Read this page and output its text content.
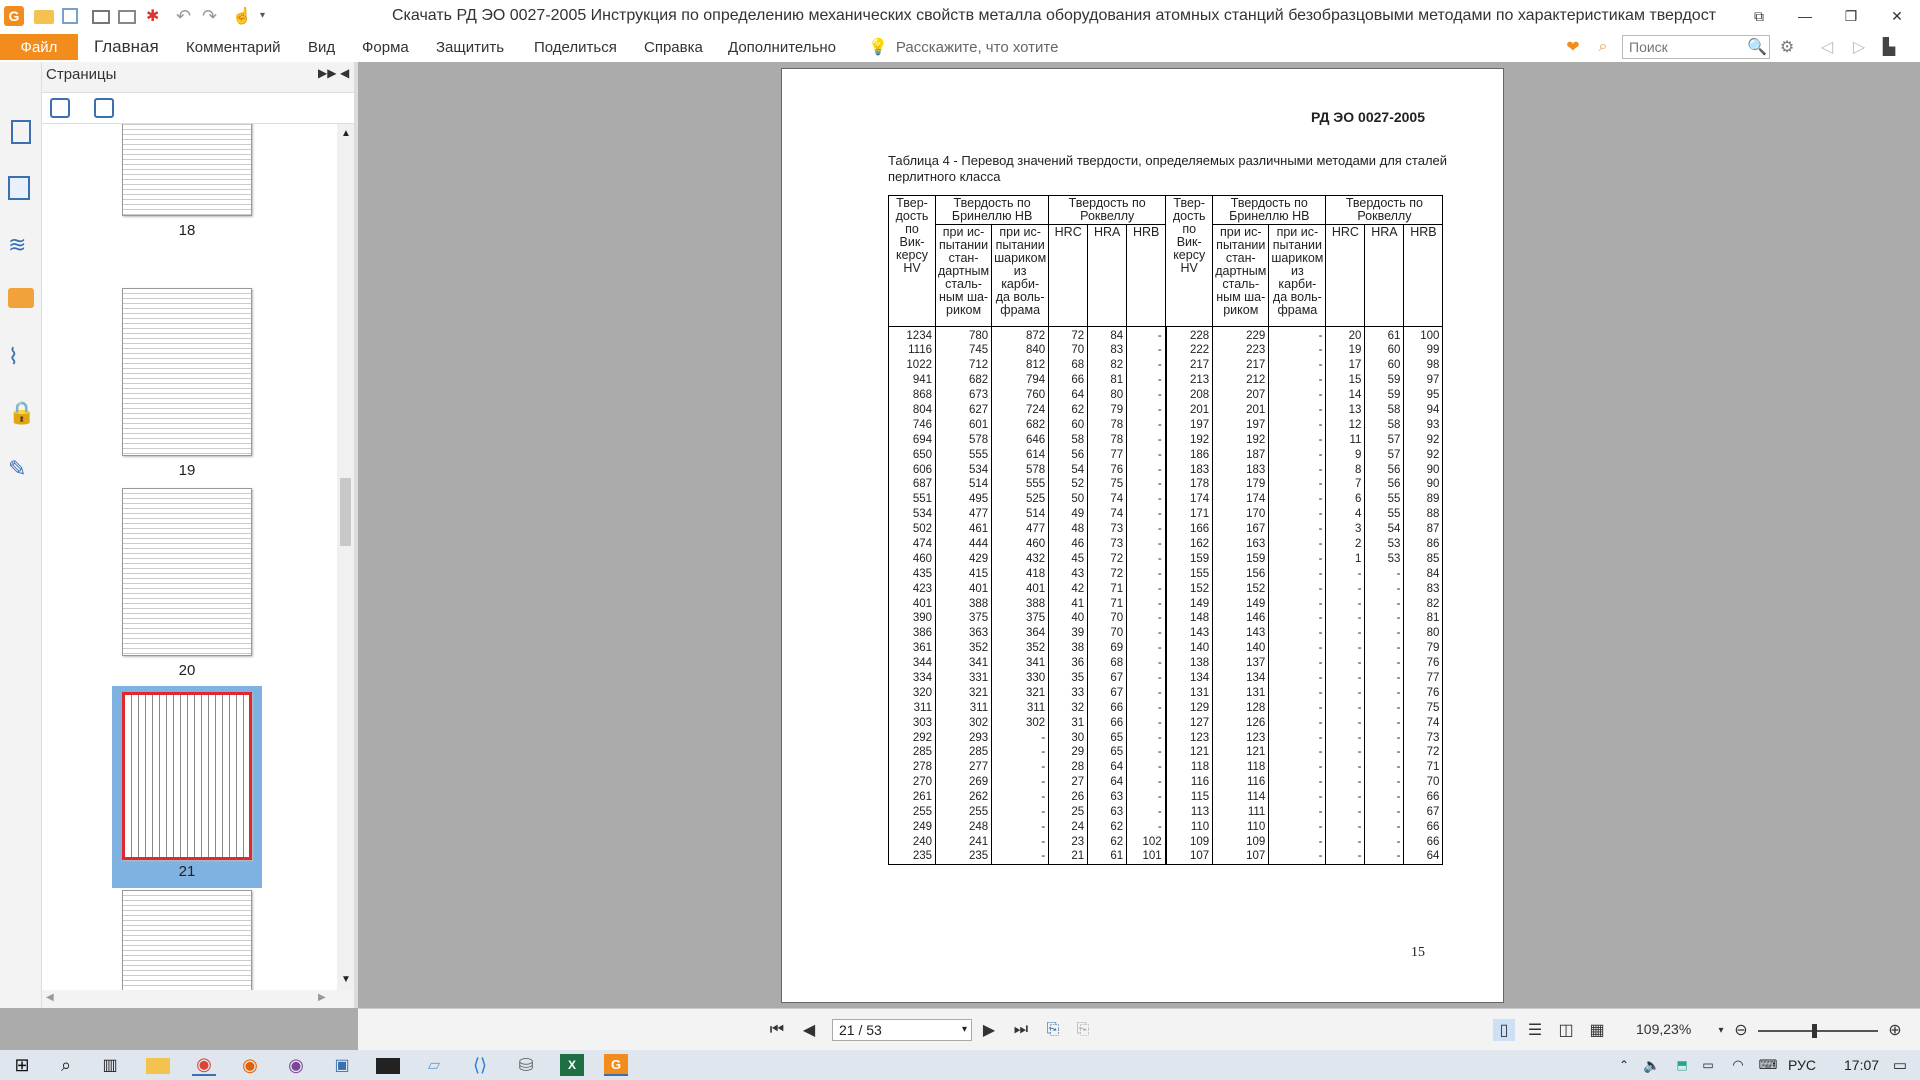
G	✱ ↶ ↷ ☝ ▾	Скачать РД ЭО 0027-2005 Инструкция по определению механических свойств металла оборудования атомных станций безобразцовыми методами по характеристикам твердост	⧉	—	❐	✕
Файл	Главная Комментарий Вид Форма Защитить Поделиться Справка Дополнительно 💡 Расскажите, что хотите	❤	⌕
Поиск	🔍 ⚙	◁	▷	▙
≋
⌇
🔒
✎
Страницы	▶▶ ◀
18
19
20
21
▲
▼
◀	▶
РД ЭО 0027-2005
Таблица 4 - Перевод значений твердости, определяемых различными методами для сталей перлитного класса
Твер-дость по Вик-керсу HV	Твердость по Бринеллю НВ		Твердость по Роквеллу			Твер-дость по Вик-керсу HV	Твердость по Бринеллю НВ		Твердость по Роквеллу		
	при ис-пытании стан-дартным сталь-ным ша-риком	при ис-пытании шариком из карби-да воль-фрама	HRC	HRA	HRB		при ис-пытании стан-дартным сталь-ным ша-риком	при ис-пытании шариком из карби-да воль-фрама	HRC	HRA	HRB
1234	780	872	72	84	-	228	229	-	20	61	100
1116	745	840	70	83	-	222	223	-	19	60	99
1022	712	812	68	82	-	217	217	-	17	60	98
941	682	794	66	81	-	213	212	-	15	59	97
868	673	760	64	80	-	208	207	-	14	59	95
804	627	724	62	79	-	201	201	-	13	58	94
746	601	682	60	78	-	197	197	-	12	58	93
694	578	646	58	78	-	192	192	-	11	57	92
650	555	614	56	77	-	186	187	-	9	57	92
606	534	578	54	76	-	183	183	-	8	56	90
687	514	555	52	75	-	178	179	-	7	56	90
551	495	525	50	74	-	174	174	-	6	55	89
534	477	514	49	74	-	171	170	-	4	55	88
502	461	477	48	73	-	166	167	-	3	54	87
474	444	460	46	73	-	162	163	-	2	53	86
460	429	432	45	72	-	159	159	-	1	53	85
435	415	418	43	72	-	155	156	-	-	-	84
423	401	401	42	71	-	152	152	-	-	-	83
401	388	388	41	71	-	149	149	-	-	-	82
390	375	375	40	70	-	148	146	-	-	-	81
386	363	364	39	70	-	143	143	-	-	-	80
361	352	352	38	69	-	140	140	-	-	-	79
344	341	341	36	68	-	138	137	-	-	-	76
334	331	330	35	67	-	134	134	-	-	-	77
320	321	321	33	67	-	131	131	-	-	-	76
311	311	311	32	66	-	129	128	-	-	-	75
303	302	302	31	66	-	127	126	-	-	-	74
292	293	-	30	65	-	123	123	-	-	-	73
285	285	-	29	65	-	121	121	-	-	-	72
278	277	-	28	64	-	118	118	-	-	-	71
270	269	-	27	64	-	116	116	-	-	-	70
261	262	-	26	63	-	115	114	-	-	-	66
255	255	-	25	63	-	113	111	-	-	-	67
249	248	-	24	62	-	110	110	-	-	-	66
240	241	-	23	62	102	109	109	-	-	-	66
235	235	-	21	61	101	107	107	-	-	-	64
15
⏮	◀	21 / 53	▾ ▶	⏭ ⎘ ⎘	▯	☰ ◫ ▦ 109,23%	▾ ⊖	⊕
⊞	⌕	▥	◉ ◉ ◉ ▣	▱	⟨⟩ ⛁	X	G	⌃	🔈	⬒	▭	◠	⌨ РУС 17:07 ▭
